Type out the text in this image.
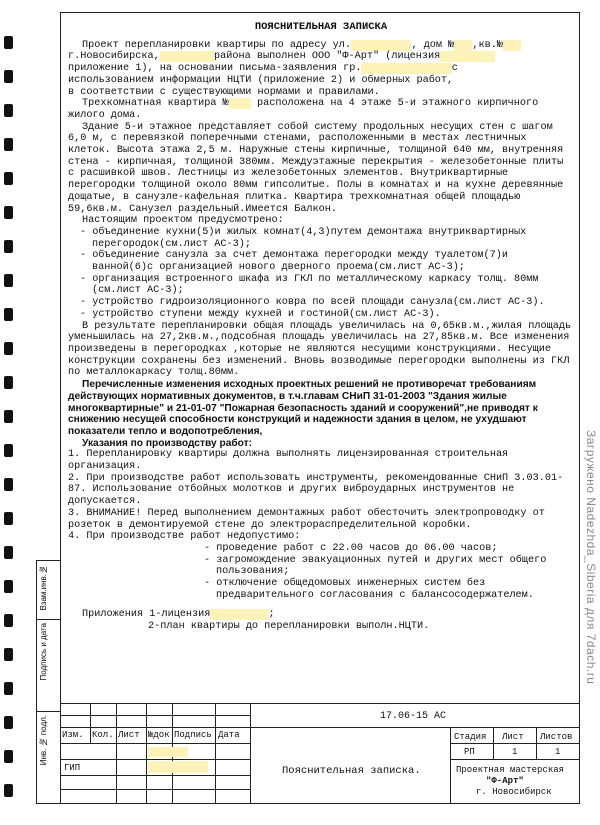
Взам.инв.№
Подпись и дата
Инв. № подл.
ПОЯСНИТЕЛЬНАЯ ЗАПИСКА

Проект перепланировки квартиры по адресу ул.	, дом № ,кв.№
г.Новосибирска,	района выполнен ООО "Ф-Арт" (лицензия
приложение 1), на основании письма-заявления гр.	с
использованием информации НЦТИ (приложение 2) и обмерных работ,
в соответствии с существующими нормами и правилами.

Трехкомнатная квартира №	расположена на 4 этаже 5-и этажного кирпичного жилого дома.

Здание 5-и этажное представляет собой систему продольных несущих стен с шагом 6,0 м, с перевязкой поперечными стенами, расположенными в местах лестничных клеток. Высота этажа 2,5 м. Наружные стены кирпичные, толщиной 640 мм, внутренняя стена - кирпичная, толщиной 380мм. Междуэтажные перекрытия - железобетонные плиты с расшивкой швов. Лестницы из железобетонных элементов. Внутриквартирные перегородки толщиной около 80мм гипсолитые. Полы в комнатах и на кухне деревянные дощатые, в санузле-кафельная плитка. Квартира трехкомнатная общей площадью 59,6кв.м. Санузел раздельный.Имеется Балкон.

Настоящим проектом предусмотрено:

- объединение кухни(5)и жилых комнат(4,3)путем демонтажа внутриквартирных перегородок(см.лист АС-3);

- объединение санузла за счет демонтажа перегородки между туалетом(7)и ванной(6)с организацией нового дверного проема(см.лист АС-3);

- организация встроенного шкафа из ГКЛ по металлическому каркасу толщ. 80мм (см.лист АС-3);

- устройство гидроизоляционного ковра по всей площади санузла(см.лист АС-3).

- устройство ступени между кухней и гостиной(см.лист АС-3).

В результате перепланировки общая площадь увеличилась на 0,65кв.м.,жилая площадь уменьшилась на 27,2кв.м.,подсобная площадь увеличилась на 27,85кв.м. Все изменения произведены в перегородках ,которые не являются несущими конструкциями. Несущие конструкции сохранены без изменений. Вновь возводимые перегородки выполнены из ГКЛ по металлокаркасу толщ.80мм.

Перечисленные изменения исходных проектных решений не противоречат требованиям действующих нормативных документов, в т.ч.главам СНиП 31-01-2003 "Здания жилые многоквартирные" и 21-01-07 "Пожарная безопасность зданий и сооружений",не приводят к снижению несущей способности конструкций и надежности здания в целом, не ухудшают показатели тепло и водопотребления,

Указания по производству работ:

1. Перепланировку квартиры должна выполнять лицензированная строительная организация.

2. При производстве работ использовать инструменты, рекомендованные СНиП 3.03.01-87. Использование отбойных молотков и других виброударных инструментов не допускается.

3. ВНИМАНИЕ! Перед выполнением демонтажных работ обесточить электропроводку от розеток в демонтируемой стене до электрораспределительной коробки.

4. При производстве работ недопустимо:

- проведение работ с 22.00 часов до 06.00 часов;

- загромождение эвакуационных путей и других мест общего пользования;

- отключение общедомовых инженерных систем без предварительного согласования с балансосодержателем.

Приложения 1-лицензия	;

2-план квартиры до перепланировки выполн.НЦТИ.

Изм. Кол. Лист №док Подпись Дата
17.06-15 АС
ГИП	Пояснительная записка.
Стадия Лист Листов
РП	1	1
Проектная мастерская
"Ф-Арт"
г. Новосибирск
Загружено Nadezhda_Siberia для 7dach.ru
